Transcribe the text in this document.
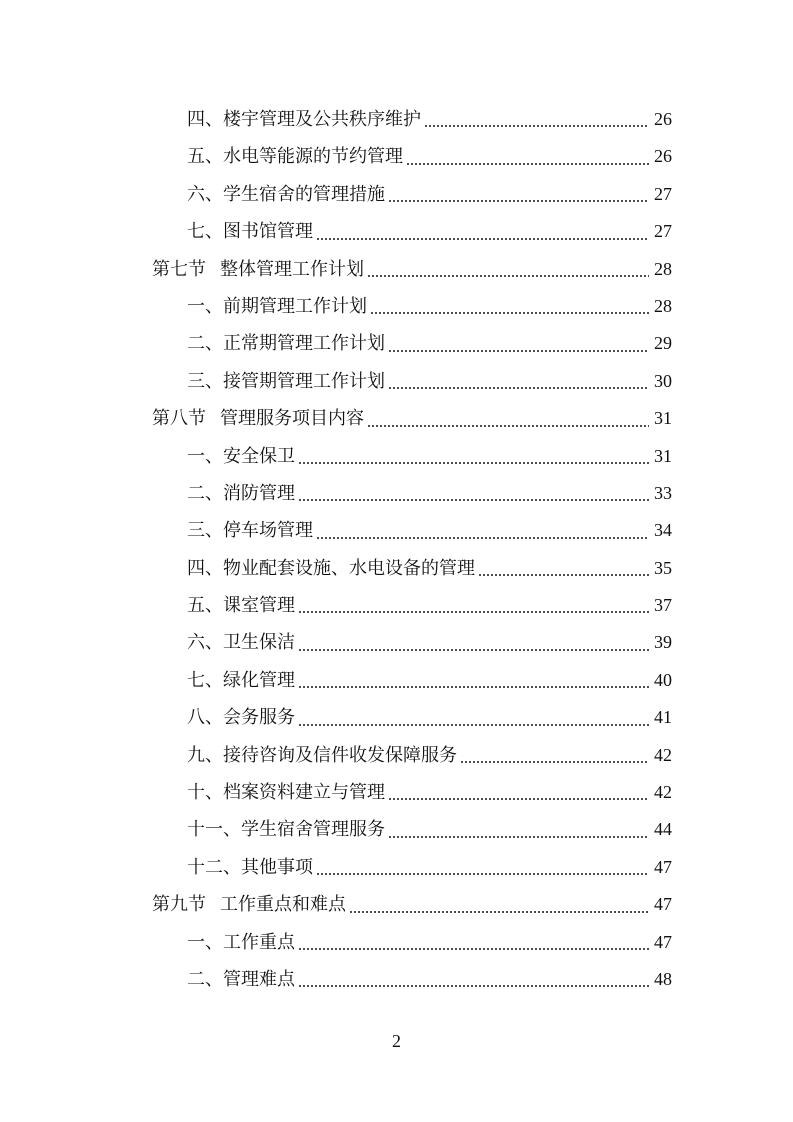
四、楼宇管理及公共秩序维护	26
五、水电等能源的节约管理	26
六、学生宿舍的管理措施	27
七、图书馆管理	27
第七节 整体管理工作计划	28
一、前期管理工作计划	28
二、正常期管理工作计划	29
三、接管期管理工作计划	30
第八节 管理服务项目内容	31
一、安全保卫	31
二、消防管理	33
三、停车场管理	34
四、物业配套设施、水电设备的管理	35
五、课室管理	37
六、卫生保洁	39
七、绿化管理	40
八、会务服务	41
九、接待咨询及信件收发保障服务	42
十、档案资料建立与管理	42
十一、学生宿舍管理服务	44
十二、其他事项	47
第九节 工作重点和难点	47
一、工作重点	47
二、管理难点	48
2
